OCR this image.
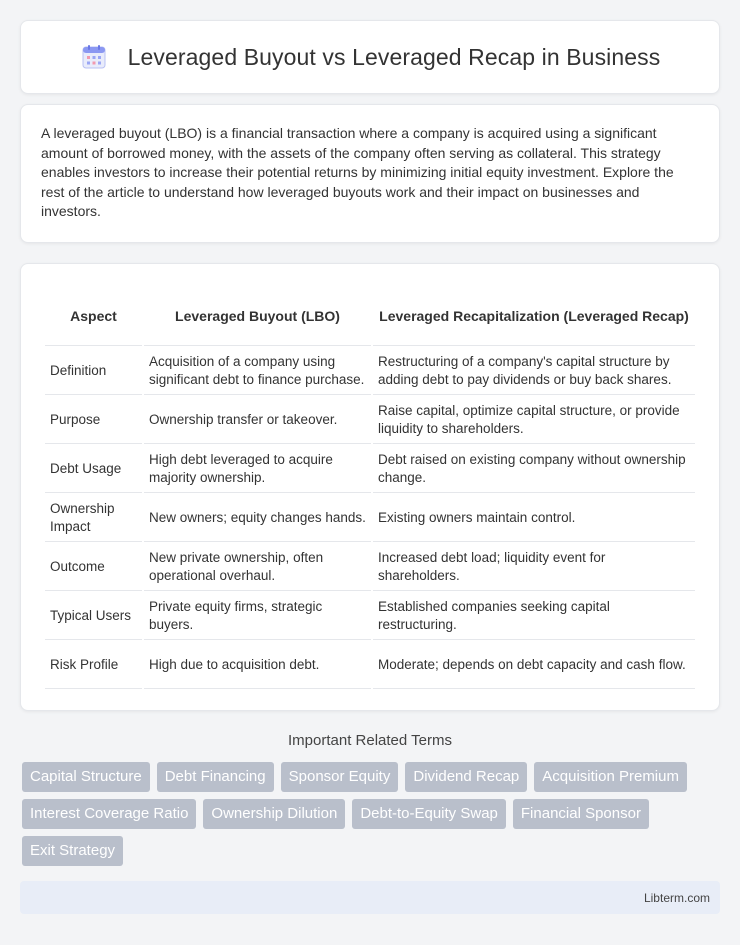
Leveraged Buyout vs Leveraged Recap in Business

A leveraged buyout (LBO) is a financial transaction where a company is acquired using a significant amount of borrowed money, with the assets of the company often serving as collateral. This strategy enables investors to increase their potential returns by minimizing initial equity investment. Explore the rest of the article to understand how leveraged buyouts work and their impact on businesses and investors.

Aspect	Leveraged Buyout (LBO)	Leveraged Recapitalization (Leveraged Recap)
Definition	Acquisition of a company using significant debt to finance purchase.	Restructuring of a company's capital structure by adding debt to pay dividends or buy back shares.
Purpose	Ownership transfer or takeover.	Raise capital, optimize capital structure, or provide liquidity to shareholders.
Debt Usage	High debt leveraged to acquire majority ownership.	Debt raised on existing company without ownership change.
Ownership Impact	New owners; equity changes hands.	Existing owners maintain control.
Outcome	New private ownership, often operational overhaul.	Increased debt load; liquidity event for shareholders.
Typical Users	Private equity firms, strategic buyers.	Established companies seeking capital restructuring.
Risk Profile	High due to acquisition debt.	Moderate; depends on debt capacity and cash flow.
Important Related Terms
Capital Structure	Debt Financing	Sponsor Equity	Dividend Recap	Acquisition Premium
Interest Coverage Ratio	Ownership Dilution	Debt-to-Equity Swap	Financial Sponsor
Exit Strategy
Libterm.com
